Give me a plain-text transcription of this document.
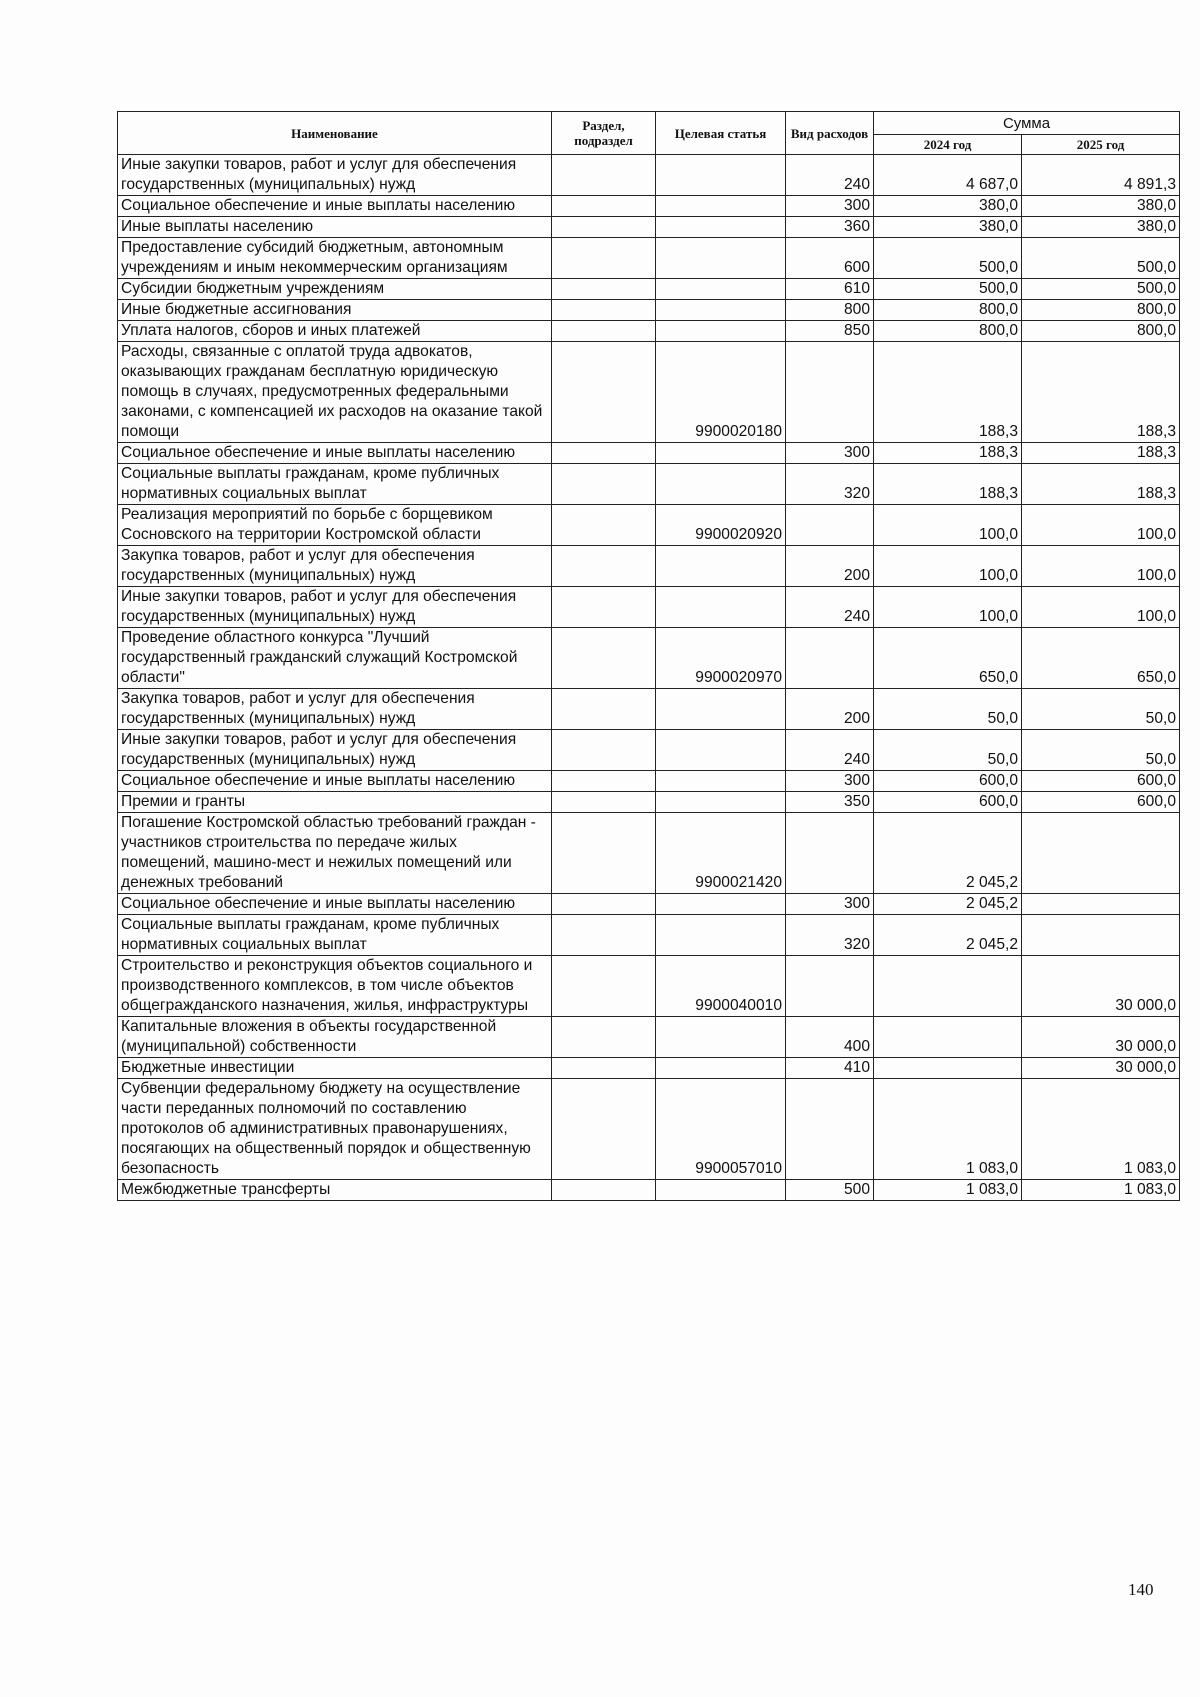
Наименование	Раздел, подраздел	Целевая статья	Вид расходов	Сумма	
				2024 год	2025 год
Иные закупки товаров, работ и услуг для обеспечения государственных (муниципальных) нужд			240	4 687,0	4 891,3
Социальное обеспечение и иные выплаты населению			300	380,0	380,0
Иные выплаты населению			360	380,0	380,0
Предоставление субсидий бюджетным, автономным учреждениям и иным некоммерческим организациям			600	500,0	500,0
Субсидии бюджетным учреждениям			610	500,0	500,0
Иные бюджетные ассигнования			800	800,0	800,0
Уплата налогов, сборов и иных платежей			850	800,0	800,0
Расходы, связанные с оплатой труда адвокатов, оказывающих гражданам бесплатную юридическую помощь в случаях, предусмотренных федеральными законами, с компенсацией их расходов на оказание такой помощи		9900020180		188,3	188,3
Социальное обеспечение и иные выплаты населению			300	188,3	188,3
Социальные выплаты гражданам, кроме публичных нормативных социальных выплат			320	188,3	188,3
Реализация мероприятий по борьбе с борщевиком Сосновского на территории Костромской области		9900020920		100,0	100,0
Закупка товаров, работ и услуг для обеспечения государственных (муниципальных) нужд			200	100,0	100,0
Иные закупки товаров, работ и услуг для обеспечения государственных (муниципальных) нужд			240	100,0	100,0
Проведение областного конкурса "Лучший государственный гражданский служащий Костромской области"		9900020970		650,0	650,0
Закупка товаров, работ и услуг для обеспечения государственных (муниципальных) нужд			200	50,0	50,0
Иные закупки товаров, работ и услуг для обеспечения государственных (муниципальных) нужд			240	50,0	50,0
Социальное обеспечение и иные выплаты населению			300	600,0	600,0
Премии и гранты			350	600,0	600,0
Погашение Костромской областью требований граждан - участников строительства по передаче жилых помещений, машино-мест и нежилых помещений или денежных требований		9900021420		2 045,2	
Социальное обеспечение и иные выплаты населению			300	2 045,2	
Социальные выплаты гражданам, кроме публичных нормативных социальных выплат			320	2 045,2	
Строительство и реконструкция объектов социального и производственного комплексов, в том числе объектов общегражданского назначения, жилья, инфраструктуры		9900040010			30 000,0
Капитальные вложения в объекты государственной (муниципальной) собственности			400		30 000,0
Бюджетные инвестиции			410		30 000,0
Субвенции федеральному бюджету на осуществление части переданных полномочий по составлению протоколов об административных правонарушениях, посягающих на общественный порядок и общественную безопасность		9900057010		1 083,0	1 083,0
Межбюджетные трансферты			500	1 083,0	1 083,0
140
